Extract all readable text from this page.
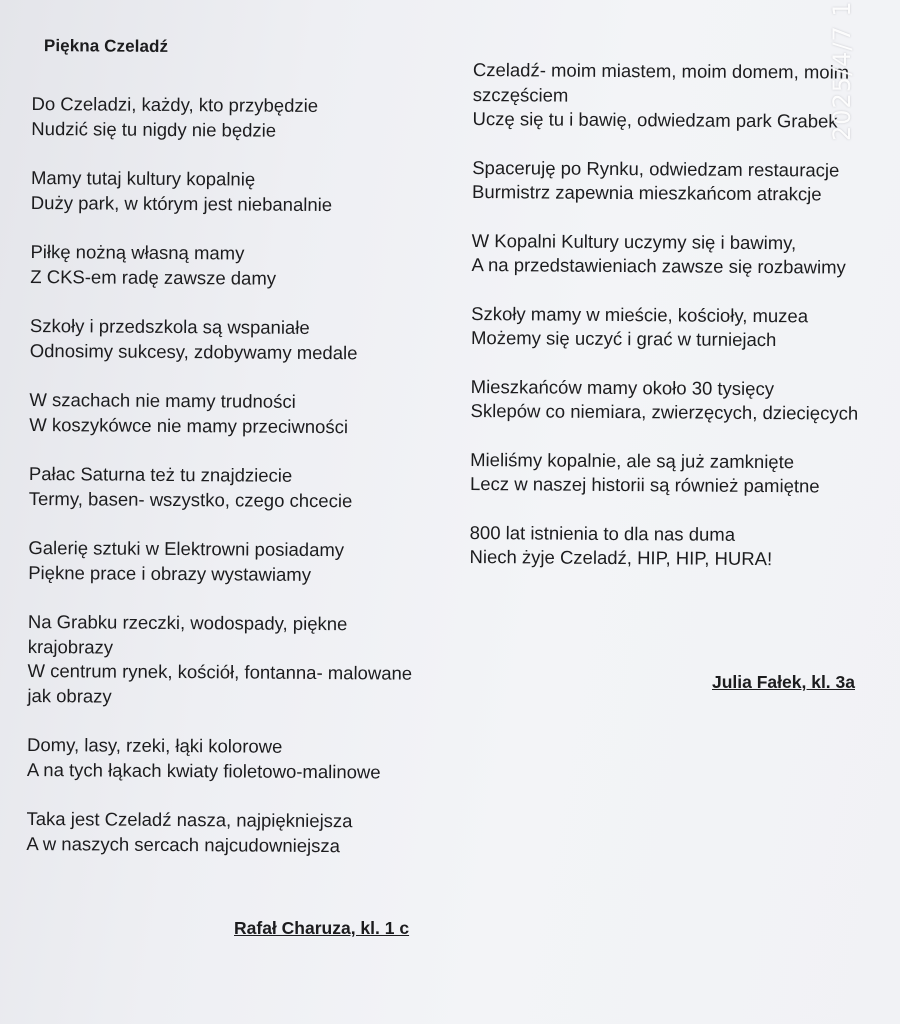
Piękna Czeladź
Do Czeladzi, każdy, kto przybędzie
Nudzić się tu nigdy nie będzie
Mamy tutaj kultury kopalnię
Duży park, w którym jest niebanalnie
Piłkę nożną własną mamy
Z CKS-em radę zawsze damy
Szkoły i przedszkola są wspaniałe
Odnosimy sukcesy, zdobywamy medale
W szachach nie mamy trudności
W koszykówce nie mamy przeciwności
Pałac Saturna też tu znajdziecie
Termy, basen- wszystko, czego chcecie
Galerię sztuki w Elektrowni posiadamy
Piękne prace i obrazy wystawiamy
Na Grabku rzeczki, wodospady, piękne
krajobrazy
W centrum rynek, kościół, fontanna- malowane
jak obrazy
Domy, lasy, rzeki, łąki kolorowe
A na tych łąkach kwiaty fioletowo-malinowe
Taka jest Czeladź nasza, najpiękniejsza
A w naszych sercach najcudowniejsza
Czeladź- moim miastem, moim domem, moim
szczęściem
Uczę się tu i bawię, odwiedzam park Grabek
Spaceruję po Rynku, odwiedzam restauracje
Burmistrz zapewnia mieszkańcom atrakcje
W Kopalni Kultury uczymy się i bawimy,
A na przedstawieniach zawsze się rozbawimy
Szkoły mamy w mieście, kościoły, muzea
Możemy się uczyć i grać w turniejach
Mieszkańców mamy około 30 tysięcy
Sklepów co niemiara, zwierzęcych, dziecięcych
Mieliśmy kopalnie, ale są już zamknięte
Lecz w naszej historii są również pamiętne
800 lat istnienia to dla nas duma
Niech żyje Czeladź, HIP, HIP, HURA!
Rafał Charuza, kl. 1 c
Julia Fałek, kl. 3a
2025/4/7 1
